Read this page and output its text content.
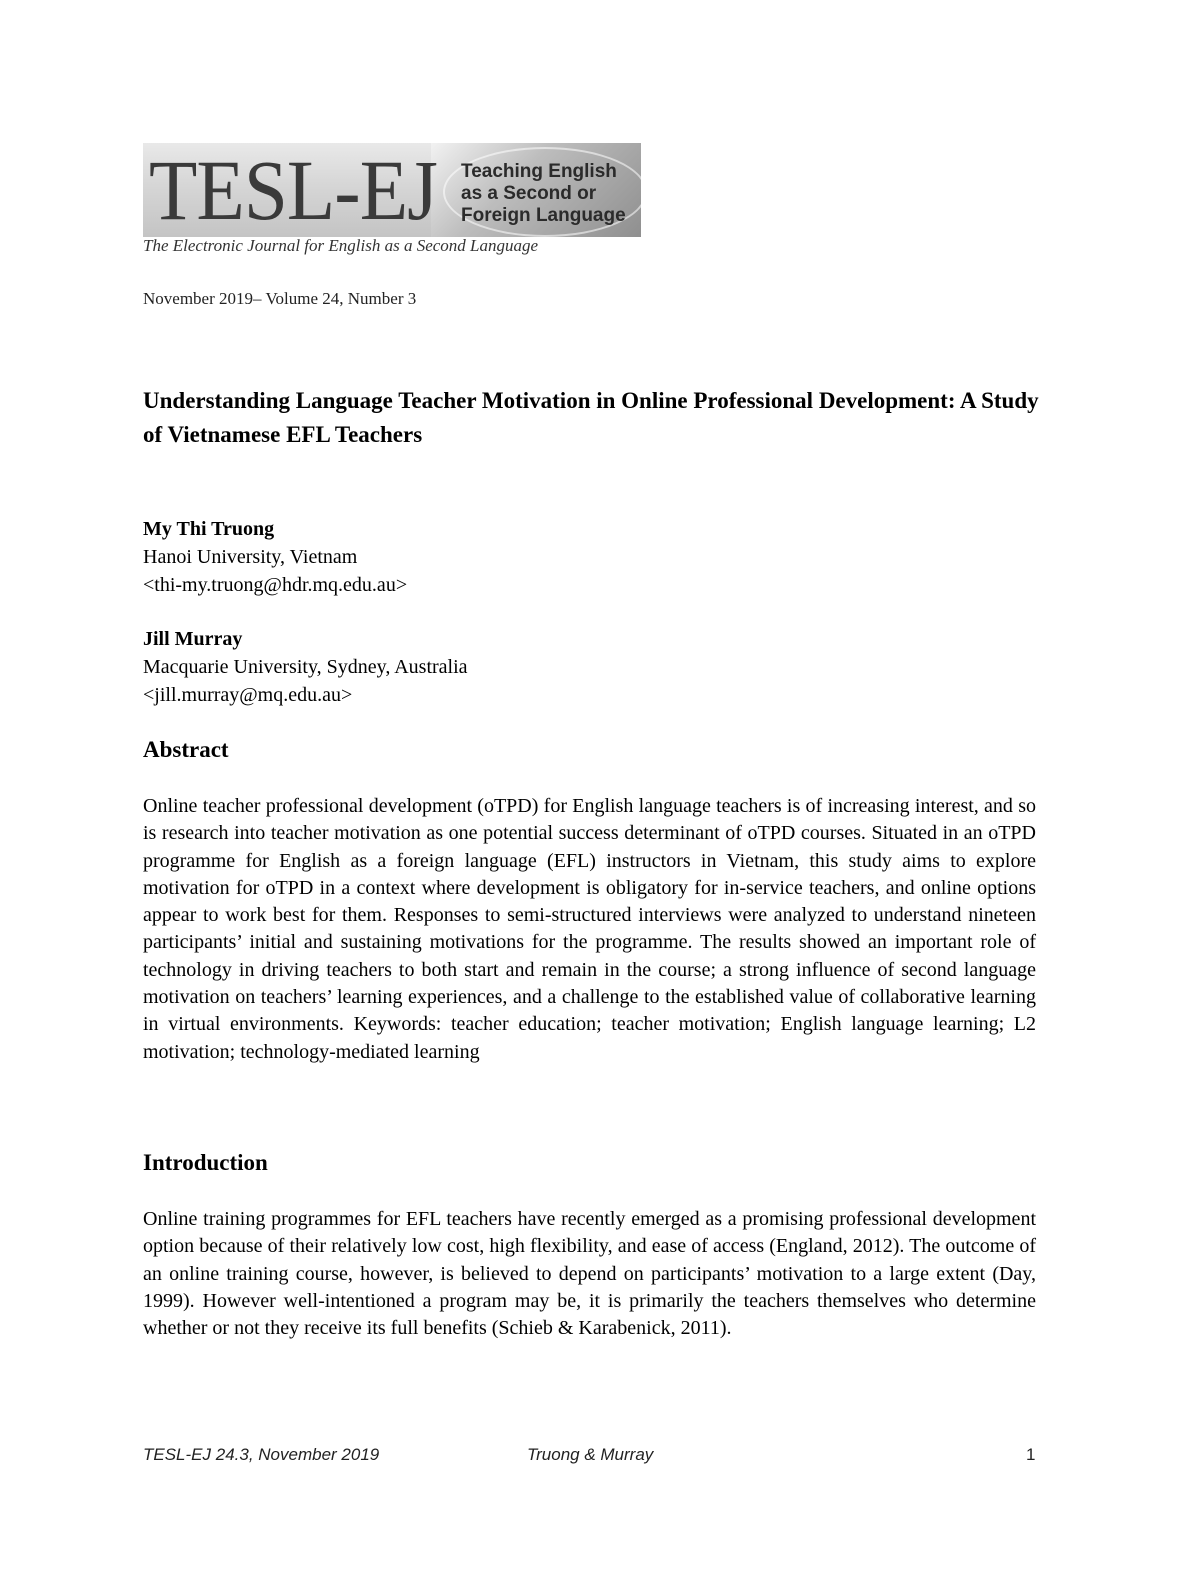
TESL-EJ Teaching English
as a Second or
Foreign Language
The Electronic Journal for English as a Second Language
November 2019– Volume 24, Number 3
Understanding Language Teacher Motivation in Online Professional Development: A Study of Vietnamese EFL Teachers
My Thi Truong
Hanoi University, Vietnam
<thi-my.truong@hdr.mq.edu.au>
Jill Murray
Macquarie University, Sydney, Australia
<jill.murray@mq.edu.au>
Abstract
Online teacher professional development (oTPD) for English language teachers is of increasing interest, and so is research into teacher motivation as one potential success determinant of oTPD courses. Situated in an oTPD programme for English as a foreign language (EFL) instructors in Vietnam, this study aims to explore motivation for oTPD in a context where development is obligatory for in-service teachers, and online options appear to work best for them. Responses to semi-structured interviews were analyzed to understand nineteen participants’ initial and sustaining motivations for the programme. The results showed an important role of technology in driving teachers to both start and remain in the course; a strong influence of second language motivation on teachers’ learning experiences, and a challenge to the established value of collaborative learning in virtual environments. Keywords: teacher education; teacher motivation; English language learning; L2 motivation; technology-mediated learning
Introduction
Online training programmes for EFL teachers have recently emerged as a promising professional development option because of their relatively low cost, high flexibility, and ease of access (England, 2012). The outcome of an online training course, however, is believed to depend on participants’ motivation to a large extent (Day, 1999). However well-intentioned a program may be, it is primarily the teachers themselves who determine whether or not they receive its full benefits (Schieb & Karabenick, 2011).
TESL-EJ 24.3, November 2019	Truong & Murray	1
